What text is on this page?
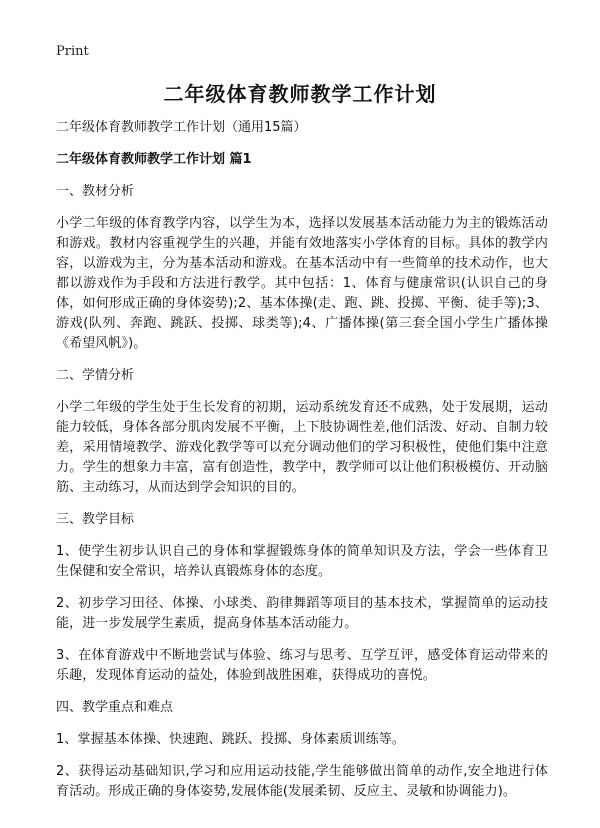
Print
二年级体育教师教学工作计划

二年级体育教师教学工作计划（通用15篇）

二年级体育教师教学工作计划 篇1

一、教材分析

小学二年级的体育教学内容，以学生为本，选择以发展基本活动能力为主的锻炼活动和游戏。教材内容重视学生的兴趣，并能有效地落实小学体育的目标。具体的教学内容，以游戏为主，分为基本活动和游戏。在基本活动中有一些简单的技术动作，也大都以游戏作为手段和方法进行教学。其中包括：1、体育与健康常识(认识自己的身体，如何形成正确的身体姿势);2、基本体操(走、跑、跳、投掷、平衡、徒手等);3、游戏(队列、奔跑、跳跃、投掷、球类等);4、广播体操(第三套全国小学生广播体操《希望风帆》)。

二、学情分析

小学二年级的学生处于生长发育的初期，运动系统发育还不成熟，处于发展期，运动能力较低，身体各部分肌肉发展不平衡，上下肢协调性差,他们活泼、好动、自制力较差，采用情境教学、游戏化教学等可以充分调动他们的学习积极性，使他们集中注意力。学生的想象力丰富，富有创造性，教学中，教学师可以让他们积极模仿、开动脑筋、主动练习，从而达到学会知识的目的。

三、教学目标

1、使学生初步认识自己的身体和掌握锻炼身体的简单知识及方法，学会一些体育卫生保健和安全常识，培养认真锻炼身体的态度。

2、初步学习田径、体操、小球类、韵律舞蹈等项目的基本技术，掌握简单的运动技能，进一步发展学生素质，提高身体基本活动能力。

3、在体育游戏中不断地尝试与体验、练习与思考、互学互评，感受体育运动带来的乐趣，发现体育运动的益处，体验到战胜困难，获得成功的喜悦。

四、教学重点和难点

1、掌握基本体操、快速跑、跳跃、投掷、身体素质训练等。

2、获得运动基础知识,学习和应用运动技能,学生能够做出简单的动作,安全地进行体育活动。形成正确的身体姿势,发展体能(发展柔韧、反应主、灵敏和协调能力)。
